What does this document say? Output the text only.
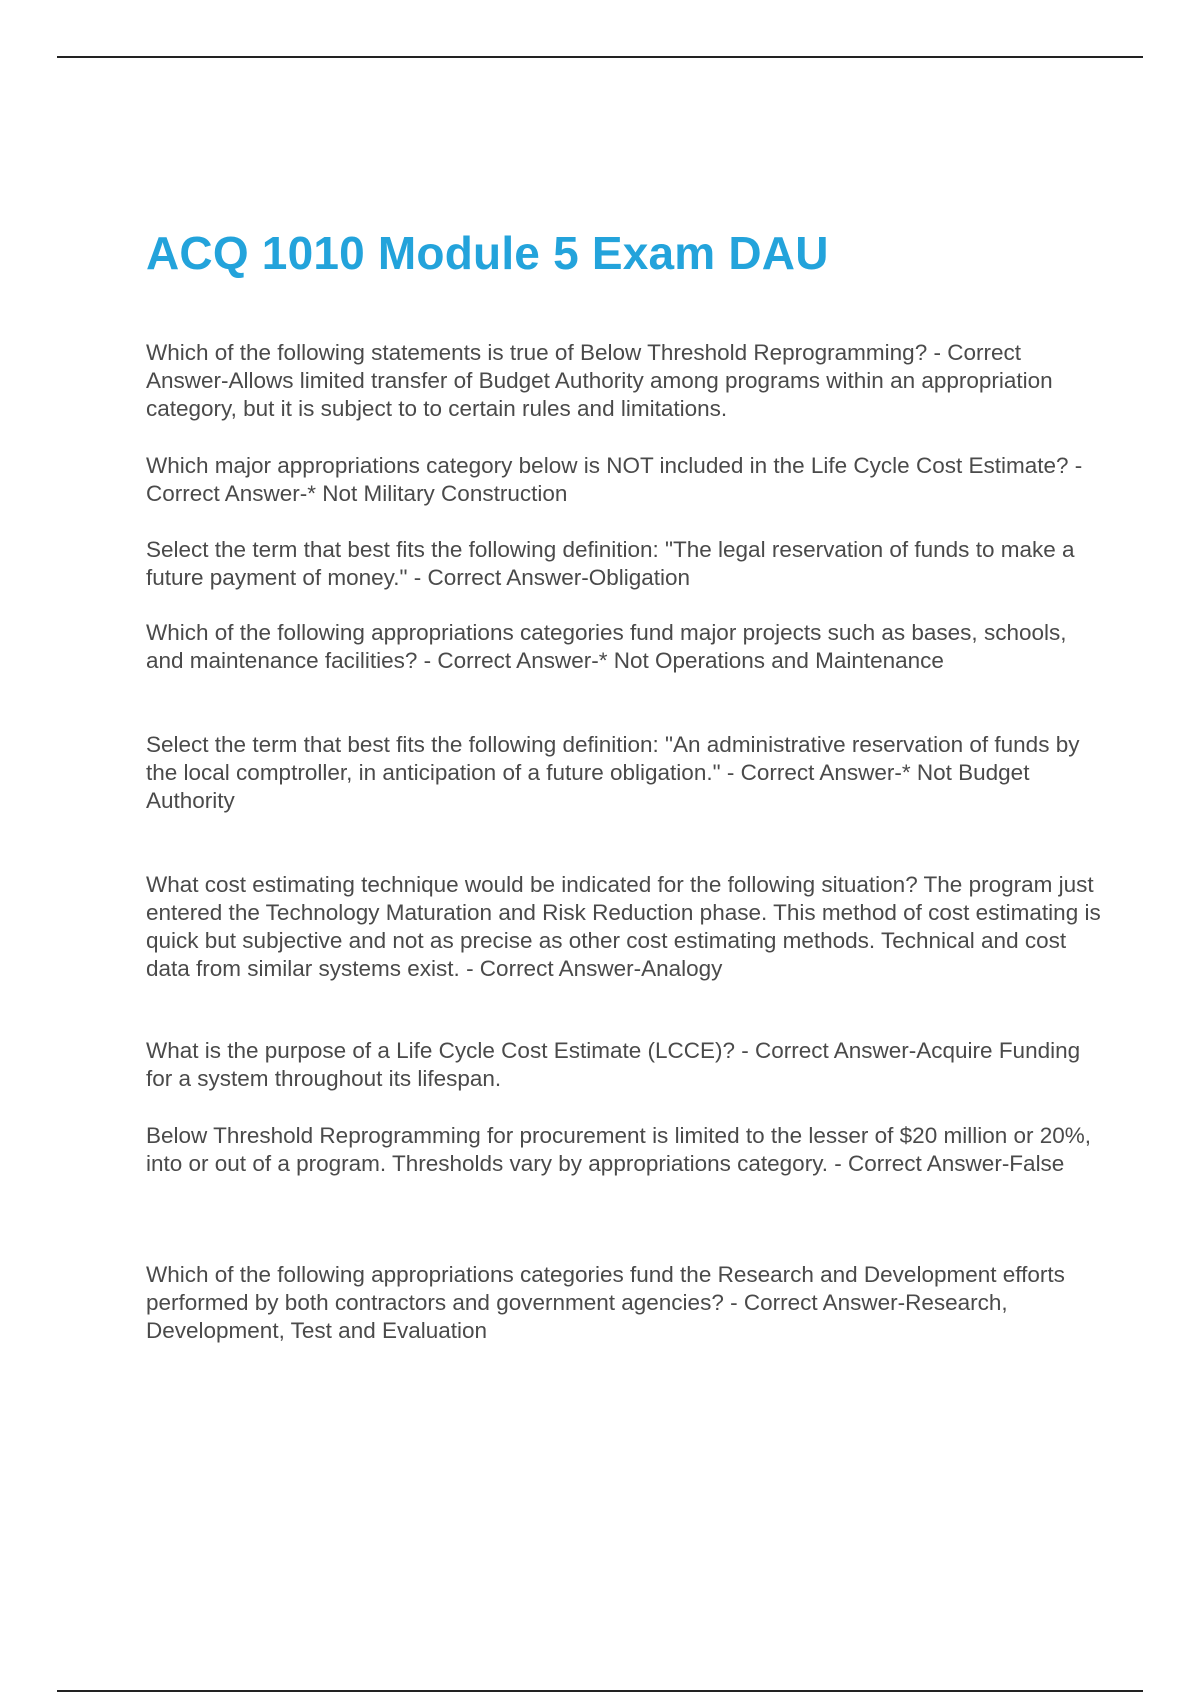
ACQ 1010 Module 5 Exam DAU

Which of the following statements is true of Below Threshold Reprogramming? - Correct Answer-Allows limited transfer of Budget Authority among programs within an appropriation category, but it is subject to to certain rules and limitations.

Which major appropriations category below is NOT included in the Life Cycle Cost Estimate? - Correct Answer-* Not Military Construction

Select the term that best fits the following definition: "The legal reservation of funds to make a future payment of money." - Correct Answer-Obligation

Which of the following appropriations categories fund major projects such as bases, schools, and maintenance facilities? - Correct Answer-* Not Operations and Maintenance

Select the term that best fits the following definition: "An administrative reservation of funds by the local comptroller, in anticipation of a future obligation." - Correct Answer-* Not Budget Authority

What cost estimating technique would be indicated for the following situation? The program just entered the Technology Maturation and Risk Reduction phase. This method of cost estimating is quick but subjective and not as precise as other cost estimating methods. Technical and cost data from similar systems exist. - Correct Answer-Analogy

What is the purpose of a Life Cycle Cost Estimate (LCCE)? - Correct Answer-Acquire Funding for a system throughout its lifespan.

Below Threshold Reprogramming for procurement is limited to the lesser of $20 million or 20%, into or out of a program. Thresholds vary by appropriations category. - Correct Answer-False

Which of the following appropriations categories fund the Research and Development efforts performed by both contractors and government agencies? - Correct Answer-Research, Development, Test and Evaluation
